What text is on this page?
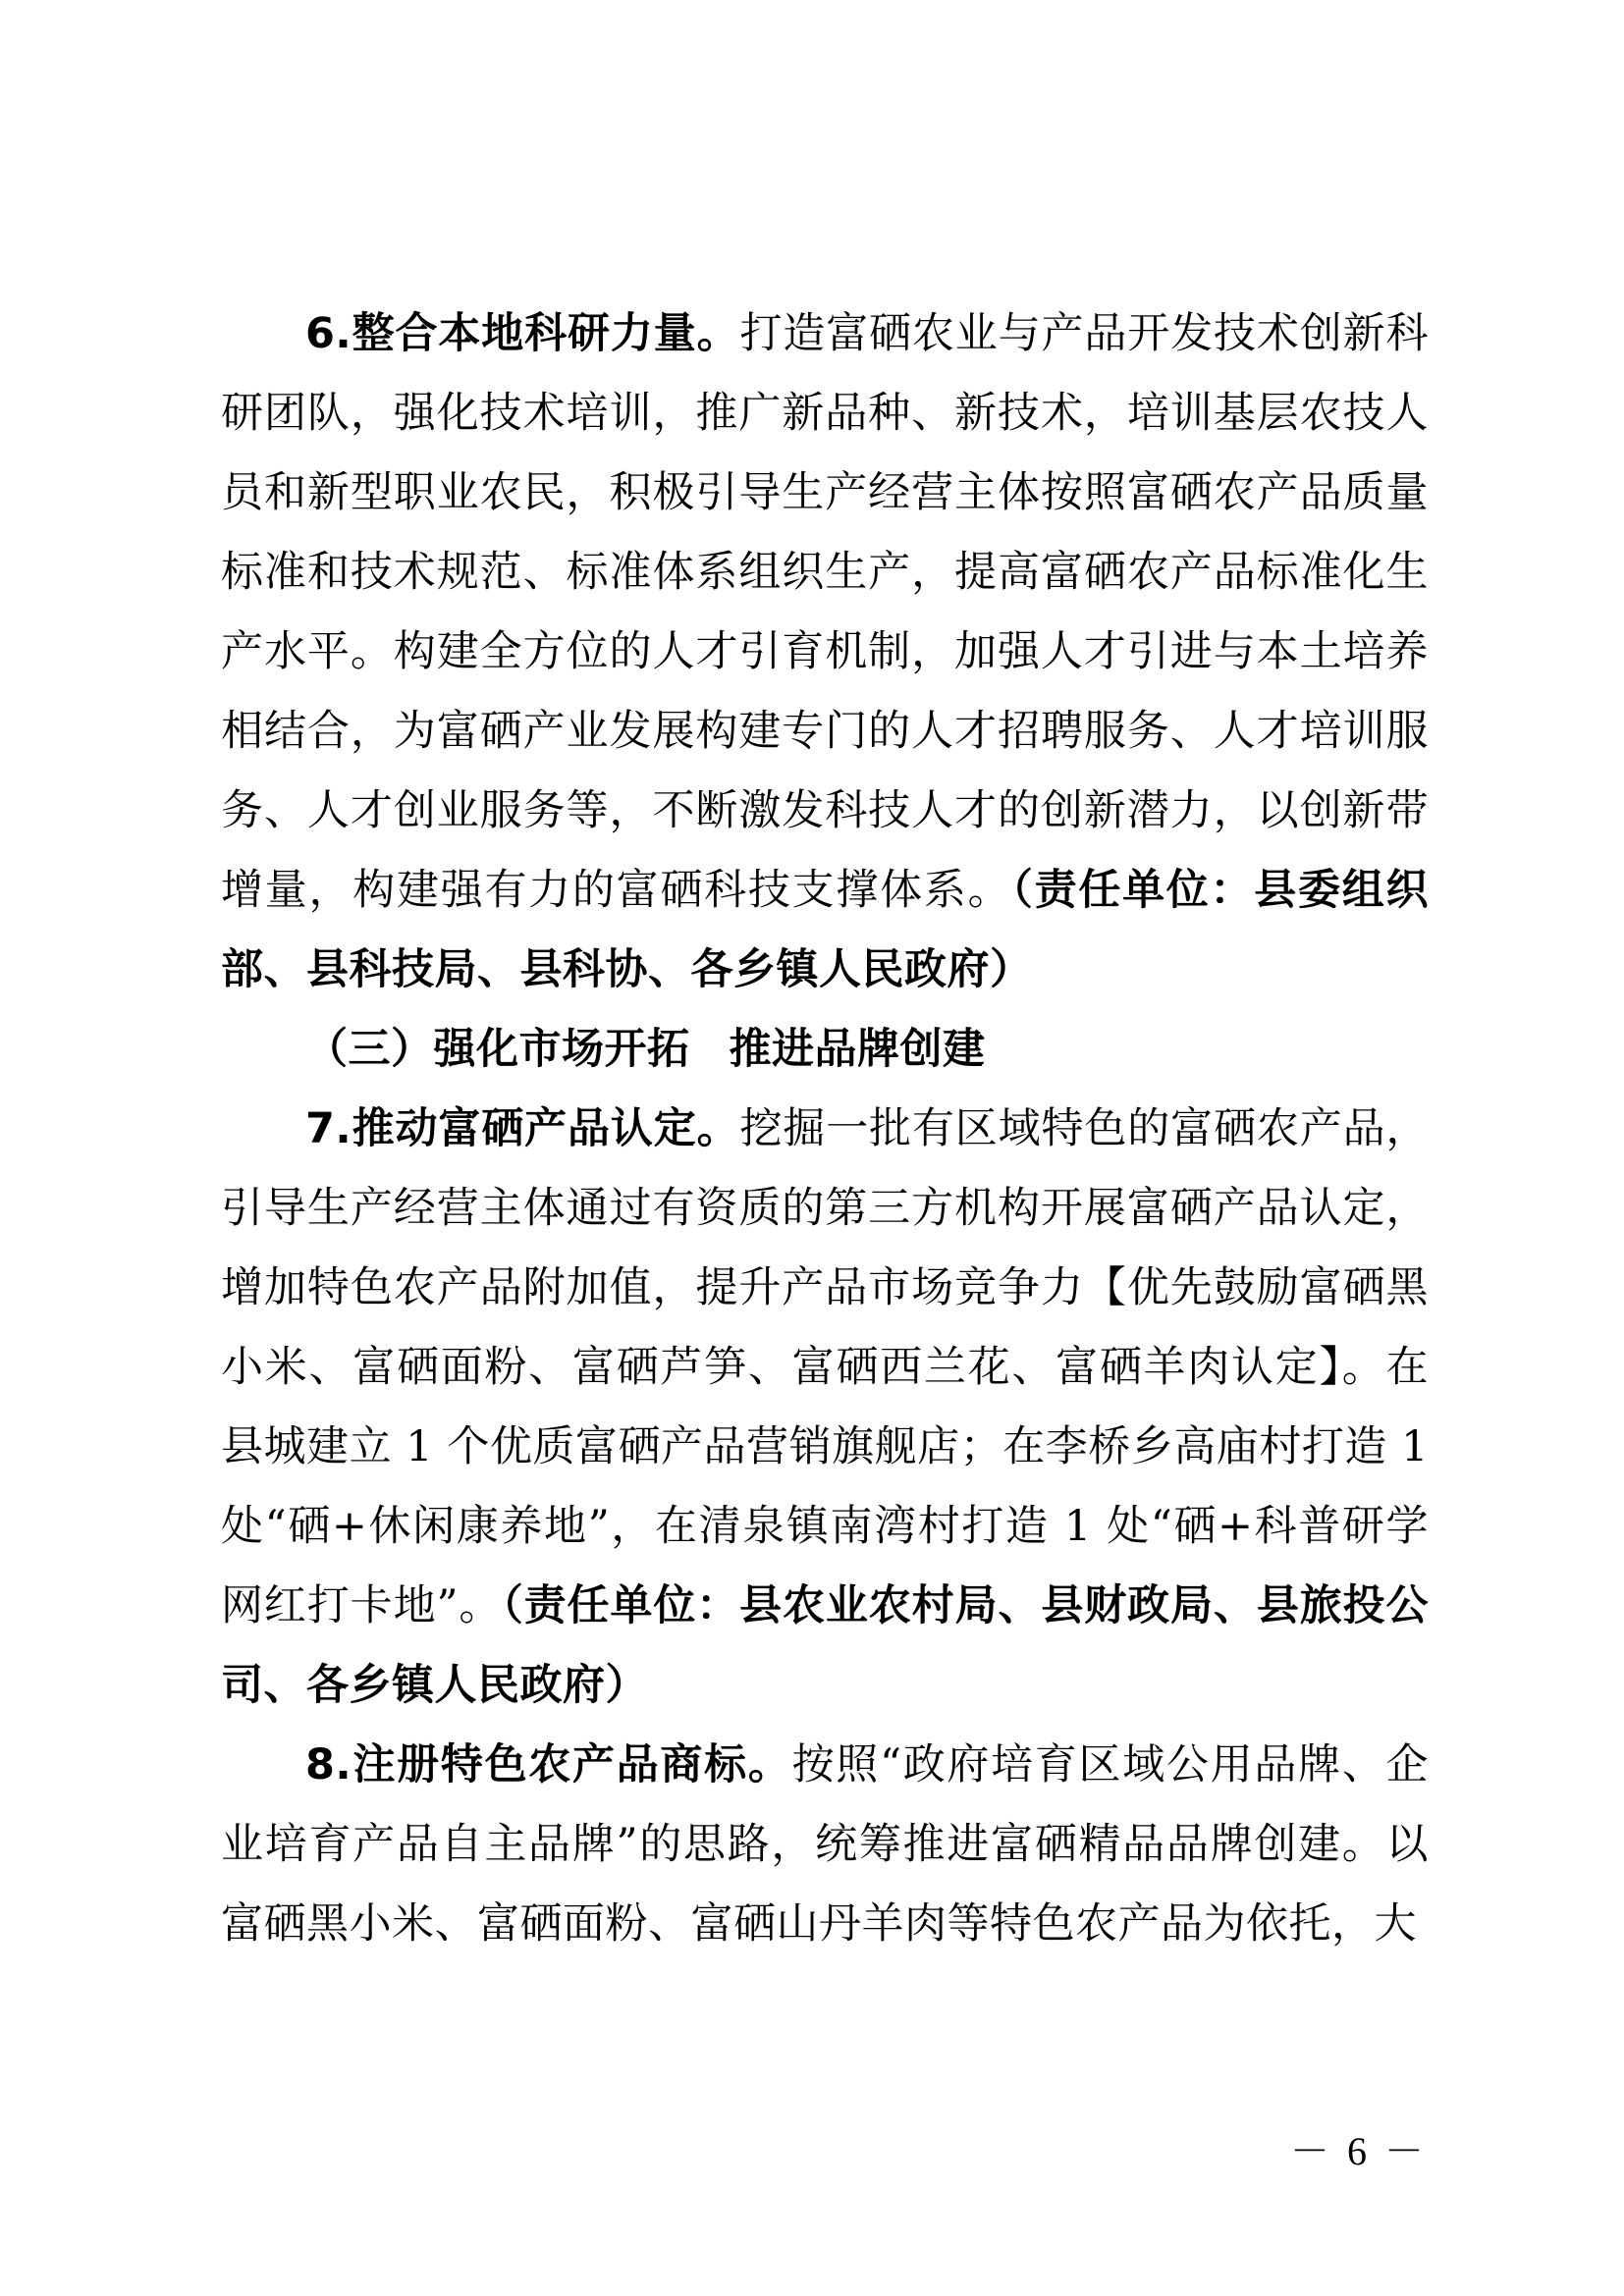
6.整合本地科研力量。打造富硒农业与产品开发技术创新科研团队，强化技术培训，推广新品种、新技术，培训基层农技人员和新型职业农民，积极引导生产经营主体按照富硒农产品质量标准和技术规范、标准体系组织生产，提高富硒农产品标准化生产水平。构建全方位的人才引育机制，加强人才引进与本土培养相结合，为富硒产业发展构建专门的人才招聘服务、人才培训服务、人才创业服务等，不断激发科技人才的创新潜力，以创新带增量，构建强有力的富硒科技支撑体系。（责任单位：县委组织部、县科技局、县科协、各乡镇人民政府）

（三）强化市场开拓 推进品牌创建

7.推动富硒产品认定。挖掘一批有区域特色的富硒农产品，引导生产经营主体通过有资质的第三方机构开展富硒产品认定，增加特色农产品附加值，提升产品市场竞争力【优先鼓励富硒黑小米、富硒面粉、富硒芦笋、富硒西兰花、富硒羊肉认定】。在县城建立 1 个优质富硒产品营销旗舰店；在李桥乡高庙村打造 1 处“硒+休闲康养地”，在清泉镇南湾村打造 1 处“硒+科普研学网红打卡地”。（责任单位：县农业农村局、县财政局、县旅投公司、各乡镇人民政府）

8.注册特色农产品商标。按照“政府培育区域公用品牌、企业培育产品自主品牌”的思路，统筹推进富硒精品品牌创建。以富硒黑小米、富硒面粉、富硒山丹羊肉等特色农产品为依托，大

－ 6 －
